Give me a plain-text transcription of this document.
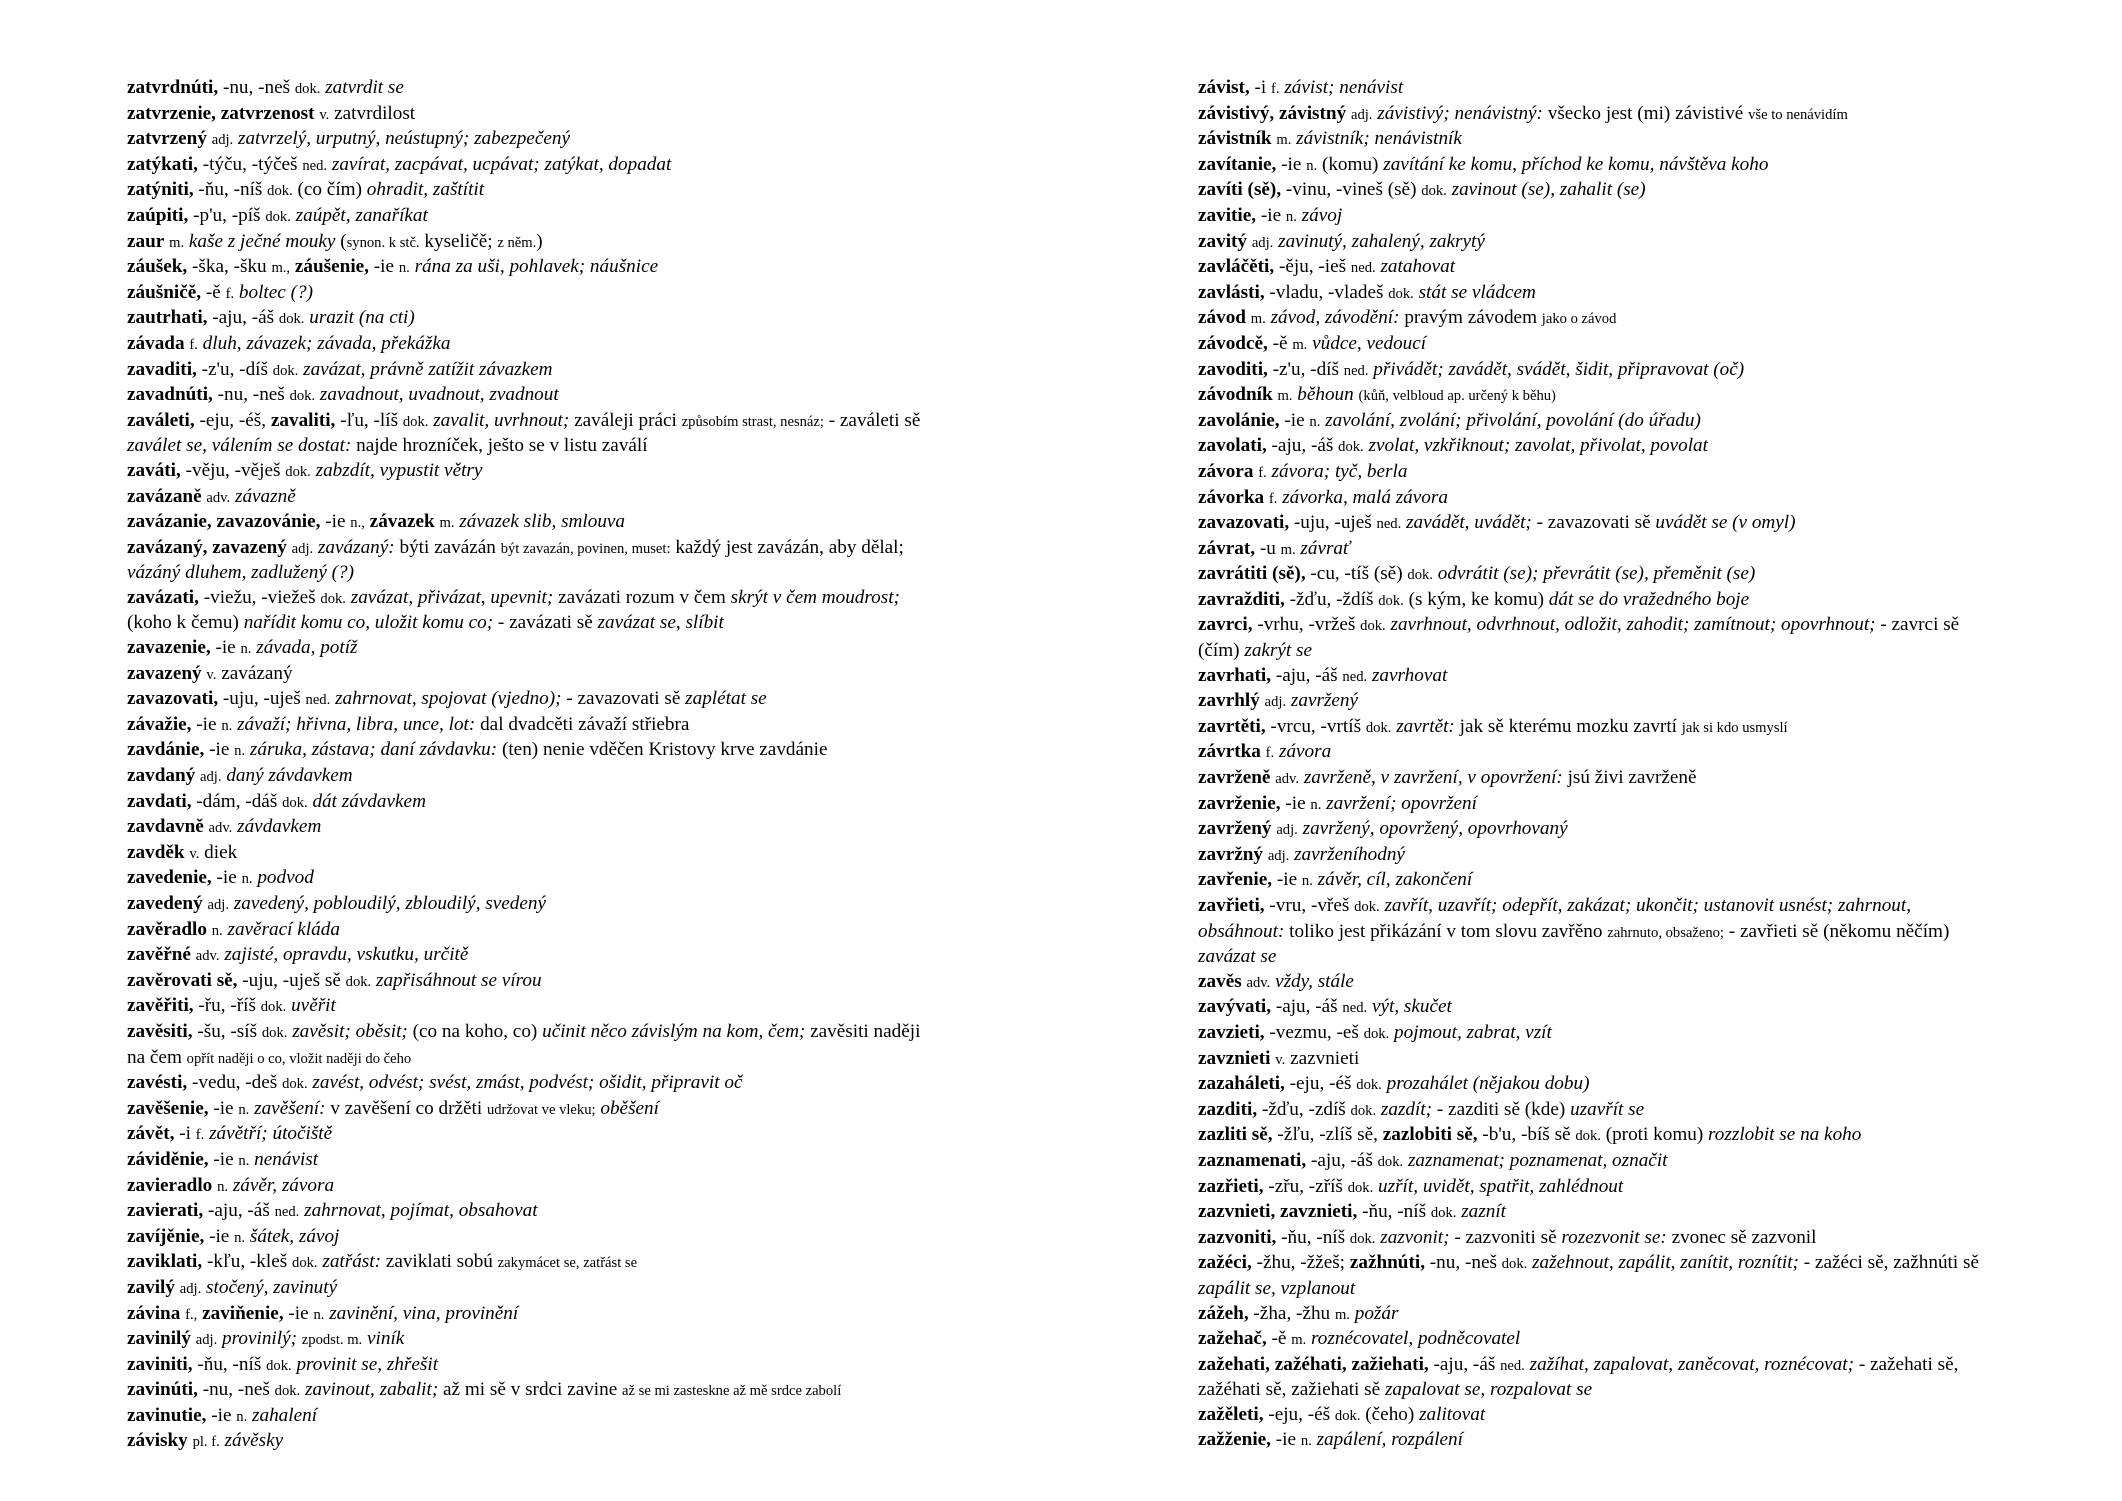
zatvrdnúti, -nu, -neš dok. zatvrdit se

zatvrzenie, zatvrzenost v. zatvrdilost

zatvrzený adj. zatvrzelý, urputný, neústupný; zabezpečený

zatýkati, -týču, -týčeš ned. zavírat, zacpávat, ucpávat; zatýkat, dopadat

zatýniti, -ňu, -níš dok. (co čím) ohradit, zaštítit

zaúpiti, -p'u, -píš dok. zaúpět, zanaříkat

zaur m. kaše z ječné mouky (synon. k stč. kyseličě; z něm.)

záušek, -ška, -šku m., záušenie, -ie n. rána za uši, pohlavek; náušnice

záušničě, -ě f. boltec (?)

zautrhati, -aju, -áš dok. urazit (na cti)

závada f. dluh, závazek; závada, překážka

zavaditi, -z'u, -díš dok. zavázat, právně zatížit závazkem

zavadnúti, -nu, -neš dok. zavadnout, uvadnout, zvadnout

zaváleti, -eju, -éš, zavaliti, -ľu, -líš dok. zavalit, uvrhnout; zaváleji práci způsobím strast, nesnáz; - zaváleti sě zaválet se, válením se dostat: najde hrozníček, ješto se v listu zaválí

zaváti, -věju, -věješ dok. zabzdít, vypustit větry

zavázaně adv. závazně

zavázanie, zavazovánie, -ie n., závazek m. závazek slib, smlouva

zavázaný, zavazený adj. zavázaný: býti zavázán být zavazán, povinen, muset: každý jest zavázán, aby dělal; vázáný dluhem, zadlužený (?)

zavázati, -viežu, -viežeš dok. zavázat, přivázat, upevnit; zavázati rozum v čem skrýt v čem moudrost; (koho k čemu) nařídit komu co, uložit komu co; - zavázati sě zavázat se, slíbit

zavazenie, -ie n. závada, potíž

zavazený v. zavázaný

zavazovati, -uju, -uješ ned. zahrnovat, spojovat (vjedno); - zavazovati sě zaplétat se

závažie, -ie n. závaží; hřivna, libra, unce, lot: dal dvadcěti závaží střiebra

zavdánie, -ie n. záruka, zástava; daní závdavku: (ten) nenie vděčen Kristovy krve zavdánie

zavdaný adj. daný závdavkem

zavdati, -dám, -dáš dok. dát závdavkem

zavdavně adv. závdavkem

zavděk v. diek

zavedenie, -ie n. podvod

zavedený adj. zavedený, pobloudilý, zbloudilý, svedený

zavěradlo n. zavěrací kláda

zavěřné adv. zajisté, opravdu, vskutku, určitě

zavěrovati sě, -uju, -uješ sě dok. zapřisáhnout se vírou

zavěřiti, -řu, -říš dok. uvěřit

zavěsiti, -šu, -síš dok. zavěsit; oběsit; (co na koho, co) učinit něco závislým na kom, čem; zavěsiti naději na čem opřít naději o co, vložit naději do čeho

zavésti, -vedu, -deš dok. zavést, odvést; svést, zmást, podvést; ošidit, připravit oč

zavěšenie, -ie n. zavěšení: v zavěšení co držěti udržovat ve vleku; oběšení

závět, -i f. závětří; útočiště

záviděnie, -ie n. nenávist

zavieradlo n. závěr, závora

zavierati, -aju, -áš ned. zahrnovat, pojímat, obsahovat

zavíjěnie, -ie n. šátek, závoj

zaviklati, -kľu, -kleš dok. zatřást: zaviklati sobú zakymácet se, zatřást se

zavilý adj. stočený, zavinutý

závina f., zaviňenie, -ie n. zavinění, vina, provinění

zavinilý adj. provinilý; zpodst. m. viník

zaviniti, -ňu, -níš dok. provinit se, zhřešit

zavinúti, -nu, -neš dok. zavinout, zabalit; až mi sě v srdci zavine až se mi zasteskne až mě srdce zabolí

zavinutie, -ie n. zahalení

závisky pl. f. závěsky

závist, -i f. závist; nenávist

závistivý, závistný adj. závistivý; nenávistný: všecko jest (mi) závistivé vše to nenávidím

závistník m. závistník; nenávistník

zavítanie, -ie n. (komu) zavítání ke komu, příchod ke komu, návštěva koho

zavíti (sě), -vinu, -vineš (sě) dok. zavinout (se), zahalit (se)

zavitie, -ie n. závoj

zavitý adj. zavinutý, zahalený, zakrytý

zavláčěti, -ěju, -ieš ned. zatahovat

zavlásti, -vladu, -vladeš dok. stát se vládcem

závod m. závod, závodění: pravým závodem jako o závod

závodcě, -ě m. vůdce, vedoucí

zavoditi, -z'u, -díš ned. přivádět; zavádět, svádět, šidit, připravovat (oč)

závodník m. běhoun (kůň, velbloud ap. určený k běhu)

zavolánie, -ie n. zavolání, zvolání; přivolání, povolání (do úřadu)

zavolati, -aju, -áš dok. zvolat, vzkřiknout; zavolat, přivolat, povolat

závora f. závora; tyč, berla

závorka f. závorka, malá závora

zavazovati, -uju, -uješ ned. zavádět, uvádět; - zavazovati sě uvádět se (v omyl)

závrat, -u m. závrať

zavrátiti (sě), -cu, -tíš (sě) dok. odvrátit (se); převrátit (se), přeměnit (se)

zavražditi, -žďu, -ždíš dok. (s kým, ke komu) dát se do vražedného boje

zavrci, -vrhu, -vržeš dok. zavrhnout, odvrhnout, odložit, zahodit; zamítnout; opovrhnout; - zavrci sě (čím) zakrýt se

zavrhati, -aju, -áš ned. zavrhovat

zavrhlý adj. zavržený

zavrtěti, -vrcu, -vrtíš dok. zavrtět: jak sě kterému mozku zavrtí jak si kdo usmyslí

závrtka f. závora

zavrženě adv. zavrženě, v zavržení, v opovržení: jsú živi zavrženě

zavrženie, -ie n. zavržení; opovržení

zavržený adj. zavržený, opovržený, opovrhovaný

zavržný adj. zavrženíhodný

zavřenie, -ie n. závěr, cíl, zakončení

zavřieti, -vru, -vřeš dok. zavřít, uzavřít; odepřít, zakázat; ukončit; ustanovit usnést; zahrnout, obsáhnout: toliko jest přikázání v tom slovu zavřěno zahrnuto, obsaženo; - zavřieti sě (někomu něčím) zavázat se

zavěs adv. vždy, stále

zavývati, -aju, -áš ned. výt, skučet

zavzieti, -vezmu, -eš dok. pojmout, zabrat, vzít

zavznieti v. zazvnieti

zazaháleti, -eju, -éš dok. prozahálet (nějakou dobu)

zazditi, -žďu, -zdíš dok. zazdít; - zazditi sě (kde) uzavřít se

zazliti sě, -žľu, -zlíš sě, zazlobiti sě, -b'u, -bíš sě dok. (proti komu) rozzlobit se na koho

zaznamenati, -aju, -áš dok. zaznamenat; poznamenat, označit

zazřieti, -zřu, -zříš dok. uzřít, uvidět, spatřit, zahlédnout

zazvnieti, zavznieti, -ňu, -níš dok. zaznít

zazvoniti, -ňu, -níš dok. zazvonit; - zazvoniti sě rozezvonit se: zvonec sě zazvonil

zažéci, -žhu, -žžeš; zažhnúti, -nu, -neš dok. zažehnout, zapálit, zanítit, roznítit; - zažéci sě, zažhnúti sě zapálit se, vzplanout

zážeh, -žha, -žhu m. požár

zažehač, -ě m. roznécovatel, podněcovatel

zažehati, zažéhati, zažiehati, -aju, -áš ned. zažíhat, zapalovat, zaněcovat, roznécovat; - zažehati sě, zažéhati sě, zažiehati sě zapalovat se, rozpalovat se

zažěleti, -eju, -éš dok. (čeho) zalitovat

zažženie, -ie n. zapálení, rozpálení
